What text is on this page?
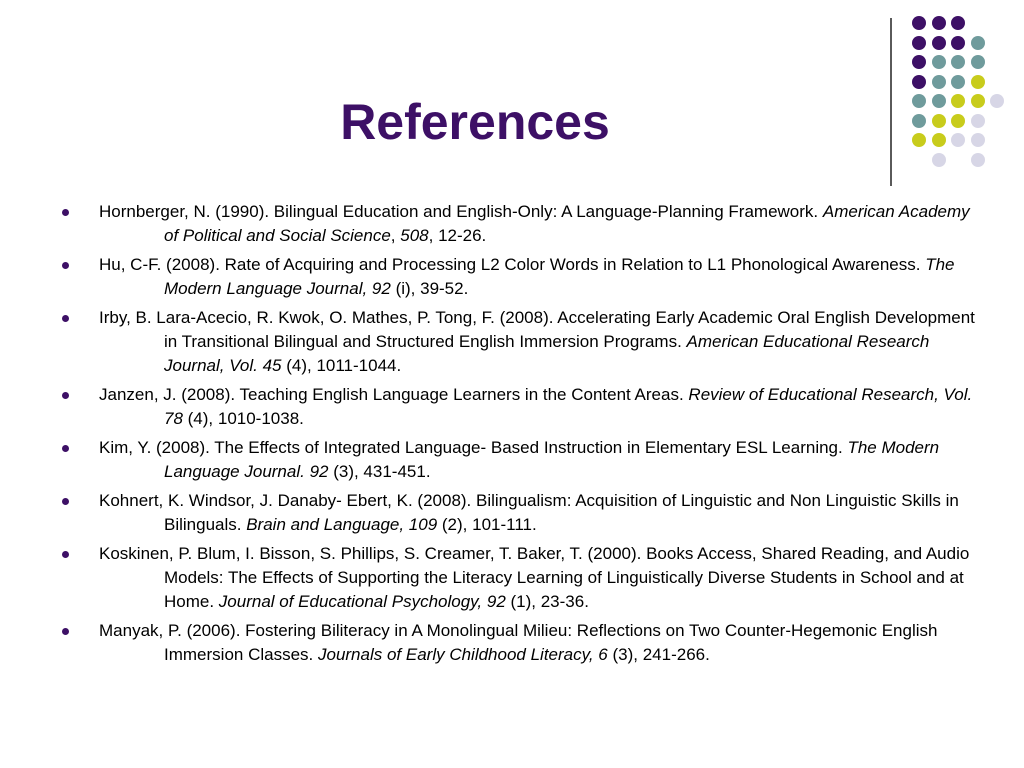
References
Hornberger, N. (1990). Bilingual Education and English-Only: A Language-Planning Framework. American Academy of Political and Social Science, 508, 12-26.
Hu, C-F. (2008). Rate of Acquiring and Processing L2 Color Words in Relation to L1 Phonological Awareness. The Modern Language Journal, 92 (i), 39-52.
Irby, B. Lara-Acecio, R. Kwok, O. Mathes, P. Tong, F. (2008). Accelerating Early Academic Oral English Development in Transitional Bilingual and Structured English Immersion Programs. American Educational Research Journal, Vol. 45 (4), 1011-1044.
Janzen, J. (2008). Teaching English Language Learners in the Content Areas. Review of Educational Research, Vol. 78 (4), 1010-1038.
Kim, Y. (2008). The Effects of Integrated Language- Based Instruction in Elementary ESL Learning. The Modern Language Journal. 92 (3), 431-451.
Kohnert, K. Windsor, J. Danaby- Ebert, K. (2008). Bilingualism: Acquisition of Linguistic and Non Linguistic Skills in Bilinguals. Brain and Language, 109 (2), 101-111.
Koskinen, P. Blum, I. Bisson, S. Phillips, S. Creamer, T. Baker, T. (2000). Books Access, Shared Reading, and Audio Models: The Effects of Supporting the Literacy Learning of Linguistically Diverse Students in School and at Home. Journal of Educational Psychology, 92 (1), 23-36.
Manyak, P. (2006). Fostering Biliteracy in A Monolingual Milieu: Reflections on Two Counter-Hegemonic English Immersion Classes. Journals of Early Childhood Literacy, 6 (3), 241-266.
